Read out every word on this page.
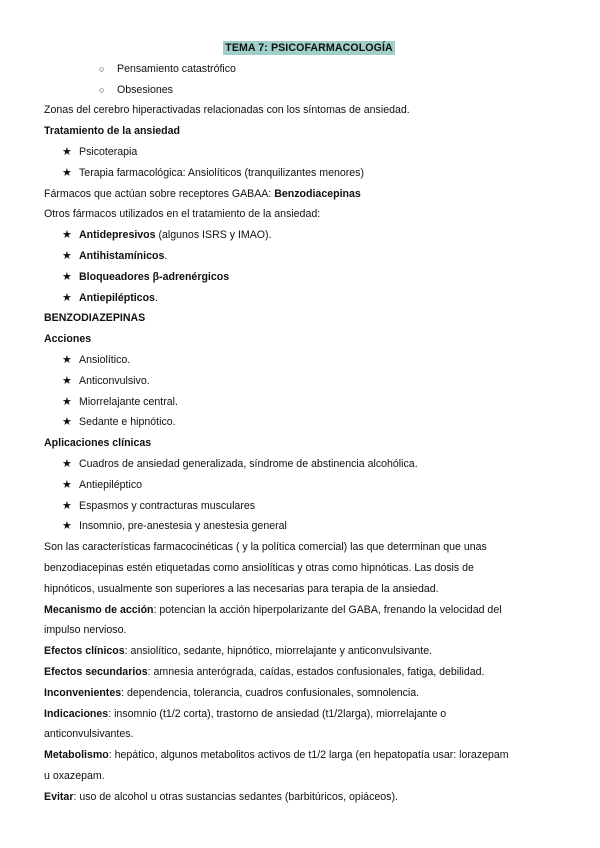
TEMA 7: PSICOFARMACOLOGÍA
○ Pensamiento catastrófico
○ Obsesiones
Zonas del cerebro hiperactivadas relacionadas con los síntomas de ansiedad.
Tratamiento de la ansiedad
★ Psicoterapia
★ Terapia farmacológica: Ansiolíticos (tranquilizantes menores)
Fármacos que actúan sobre receptores GABAA: Benzodiacepinas
Otros fármacos utilizados en el tratamiento de la ansiedad:
★ Antidepresivos (algunos ISRS y IMAO).
★ Antihistamínicos.
★ Bloqueadores β-adrenérgicos
★ Antiepilépticos.
BENZODIAZEPINAS
Acciones
★ Ansiolítico.
★ Anticonvulsivo.
★ Miorrelajante central.
★ Sedante e hipnótico.
Aplicaciones clínicas
★ Cuadros de ansiedad generalizada, síndrome de abstinencia alcohólica.
★ Antiepiléptico
★ Espasmos y contracturas musculares
★ Insomnio, pre-anestesia y anestesia general
Son las características farmacocinéticas ( y la política comercial) las que determinan que unas
benzodiacepinas estén etiquetadas como ansiolíticas y otras como hipnóticas. Las dosis de
hipnóticos, usualmente son superiores a las necesarias para terapia de la ansiedad.
Mecanismo de acción: potencian la acción hiperpolarizante del GABA, frenando la velocidad del
impulso nervioso.
Efectos clínicos: ansiolítico, sedante, hipnótico, miorrelajante y anticonvulsivante.
Efectos secundarios: amnesia anterógrada, caídas, estados confusionales, fatiga, debilidad.
Inconvenientes: dependencia, tolerancia, cuadros confusionales, somnolencia.
Indicaciones: insomnio (t1/2 corta), trastorno de ansiedad (t1/2larga), miorrelajante o
anticonvulsivantes.
Metabolismo: hepático, algunos metabolitos activos de t1/2 larga (en hepatopatía usar: lorazepam
u oxazepam.
Evitar: uso de alcohol u otras sustancias sedantes (barbitúricos, opiáceos).
